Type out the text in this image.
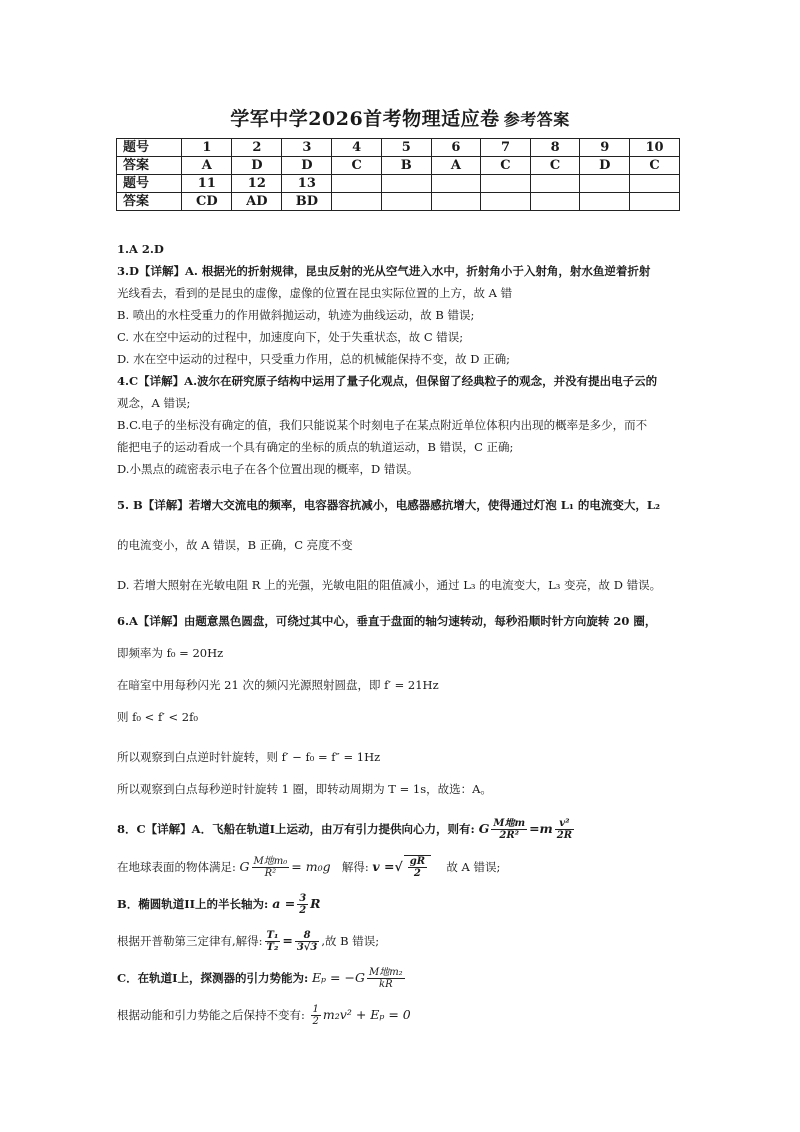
学军中学2026首考物理适应卷 参考答案
题号	1	2	3	4	5	6	7	8	9	10
答案	A	D	D	C	B	A	C	C	D	C
题号	11	12	13							
答案	CD	AD	BD							
1.A 2.D
3.D【详解】A. 根据光的折射规律，昆虫反射的光从空气进入水中，折射角小于入射角，射水鱼逆着折射
光线看去，看到的是昆虫的虚像，虚像的位置在昆虫实际位置的上方，故 A 错
B. 喷出的水柱受重力的作用做斜抛运动，轨迹为曲线运动，故 B 错误;
C. 水在空中运动的过程中，加速度向下，处于失重状态，故 C 错误;
D. 水在空中运动的过程中，只受重力作用，总的机械能保持不变，故 D 正确;
4.C【详解】A.波尔在研究原子结构中运用了量子化观点，但保留了经典粒子的观念，并没有提出电子云的
观念，A 错误;
B.C.电子的坐标没有确定的值，我们只能说某个时刻电子在某点附近单位体积内出现的概率是多少，而不
能把电子的运动看成一个具有确定的坐标的质点的轨道运动，B 错误，C 正确;
D.小黑点的疏密表示电子在各个位置出现的概率，D 错误。
5. B【详解】若增大交流电的频率，电容器容抗减小，电感器感抗增大，使得通过灯泡 L₁ 的电流变大，L₂
的电流变小，故 A 错误，B 正确，C 亮度不变
D. 若增大照射在光敏电阻 R 上的光强，光敏电阻的阻值减小，通过 L₃ 的电流变大，L₃ 变亮，故 D 错误。
6.A【详解】由题意黑色圆盘，可绕过其中心，垂直于盘面的轴匀速转动，每秒沿顺时针方向旋转 20 圈，
即频率为 f₀ = 20Hz
在暗室中用每秒闪光 21 次的频闪光源照射圆盘，即 f′ = 21Hz
则 f₀ < f′ < 2f₀
所以观察到白点逆时针旋转，则 f′ − f₀ = f″ = 1Hz
所以观察到白点每秒逆时针旋转 1 圈，即转动周期为 T = 1s，故选：A。
8．C【详解】A．飞船在轨道I上运动，由万有引力提供向心力，则有: G $\frac{\text{M地m}}{\text{2R²}} =m \frac{\text{v²}}{2R}$
在地球表面的物体满足: G $\frac{\text{M地m₀}}{\text{R²}} = m_0g$ 解得: v =√ $\frac{gR}{2}$ 故 A 错误;
B．椭圆轨道II上的半长轴为: $a = \frac{3}{2}$ R
根据开普勒第三定律有,解得: $\frac{\text{T₁}}{\text{T₂}} = \frac{8}{3√3}$ ,故 B 错误;
C．在轨道I上，探测器的引力势能为: $E_p = -G \frac{\text{M地m₂}}{kR}$
根据动能和引力势能之后保持不变有: $\frac{1}{2} m_2v^2 + E_p = 0$
